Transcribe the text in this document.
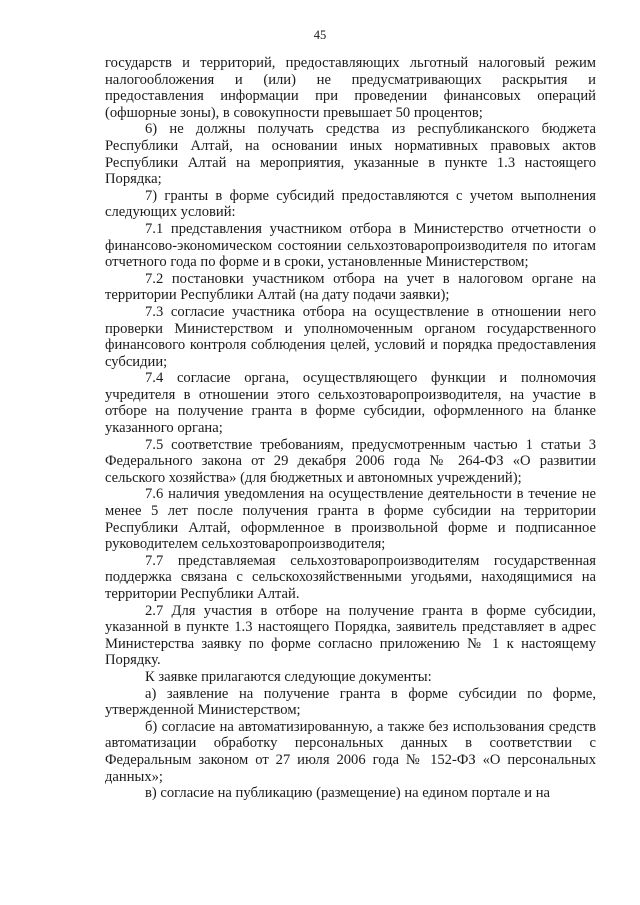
45

государств и территорий, предоставляющих льготный налоговый режим налогообложения и (или) не предусматривающих раскрытия и предоставления информации при проведении финансовых операций (офшорные зоны), в совокупности превышает 50 процентов;

6) не должны получать средства из республиканского бюджета Республики Алтай, на основании иных нормативных правовых актов Республики Алтай на мероприятия, указанные в пункте 1.3 настоящего Порядка;

7) гранты в форме субсидий предоставляются с учетом выполнения следующих условий:

7.1 представления участником отбора в Министерство отчетности о финансово-экономическом состоянии сельхозтоваропроизводителя по итогам отчетного года по форме и в сроки, установленные Министерством;

7.2 постановки участником отбора на учет в налоговом органе на территории Республики Алтай (на дату подачи заявки);

7.3 согласие участника отбора на осуществление в отношении него проверки Министерством и уполномоченным органом государственного финансового контроля соблюдения целей, условий и порядка предоставления субсидии;

7.4 согласие органа, осуществляющего функции и полномочия учредителя в отношении этого сельхозтоваропроизводителя, на участие в отборе на получение гранта в форме субсидии, оформленного на бланке указанного органа;

7.5 соответствие требованиям, предусмотренным частью 1 статьи 3 Федерального закона от 29 декабря 2006 года № 264-ФЗ «О развитии сельского хозяйства» (для бюджетных и автономных учреждений);

7.6 наличия уведомления на осуществление деятельности в течение не менее 5 лет после получения гранта в форме субсидии на территории Республики Алтай, оформленное в произвольной форме и подписанное руководителем сельхозтоваропроизводителя;

7.7 представляемая сельхозтоваропроизводителям государственная поддержка связана с сельскохозяйственными угодьями, находящимися на территории Республики Алтай.

2.7 Для участия в отборе на получение гранта в форме субсидии, указанной в пункте 1.3 настоящего Порядка, заявитель представляет в адрес Министерства заявку по форме согласно приложению № 1 к настоящему Порядку.

К заявке прилагаются следующие документы:

а) заявление на получение гранта в форме субсидии по форме, утвержденной Министерством;

б) согласие на автоматизированную, а также без использования средств автоматизации обработку персональных данных в соответствии с Федеральным законом от 27 июля 2006 года № 152-ФЗ «О персональных данных»;

в) согласие на публикацию (размещение) на едином портале и на
